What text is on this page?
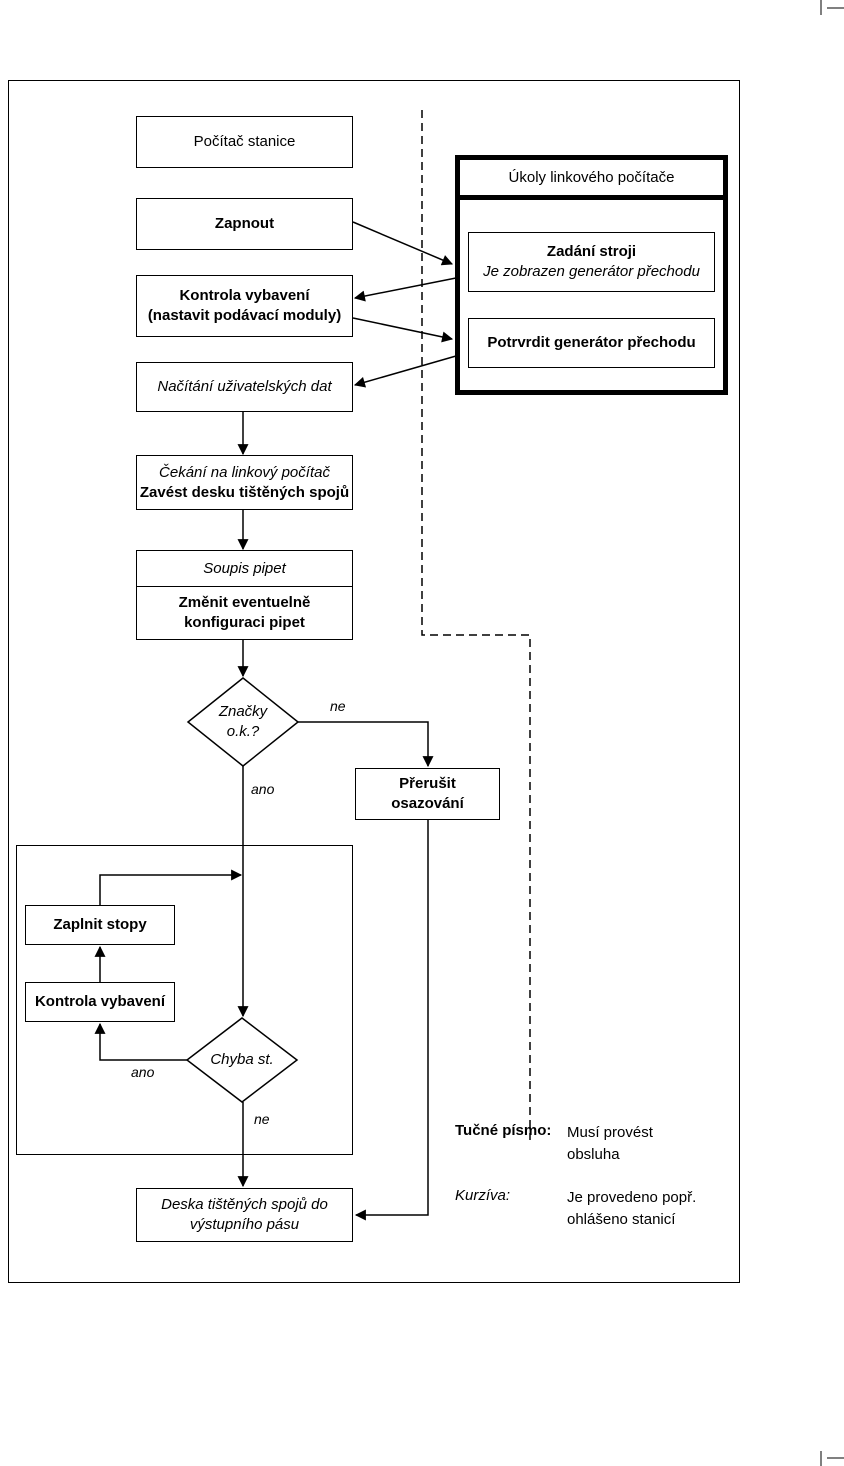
Počítač stanice
Zapnout
Kontrola vybavení
(nastavit podávací moduly)
Načítání uživatelských dat
Čekání na linkový počítač
Zavést desku tištěných spojů
Soupis pipet
Změnit eventuelně
konfiguraci pipet
Přerušit
osazování
Zaplnit stopy
Kontrola vybavení
Deska tištěných spojů do
výstupního pásu
Značky
o.k.?
Chyba st.
ne
ano
ano
ne
Úkoly linkového počítače
Zadání stroji
Je zobrazen generátor přechodu
Potrvrdit generátor přechodu
Tučné písmo: Musí provést
obsluha
Kurzíva:	Je provedeno popř.
ohlášeno stanicí
